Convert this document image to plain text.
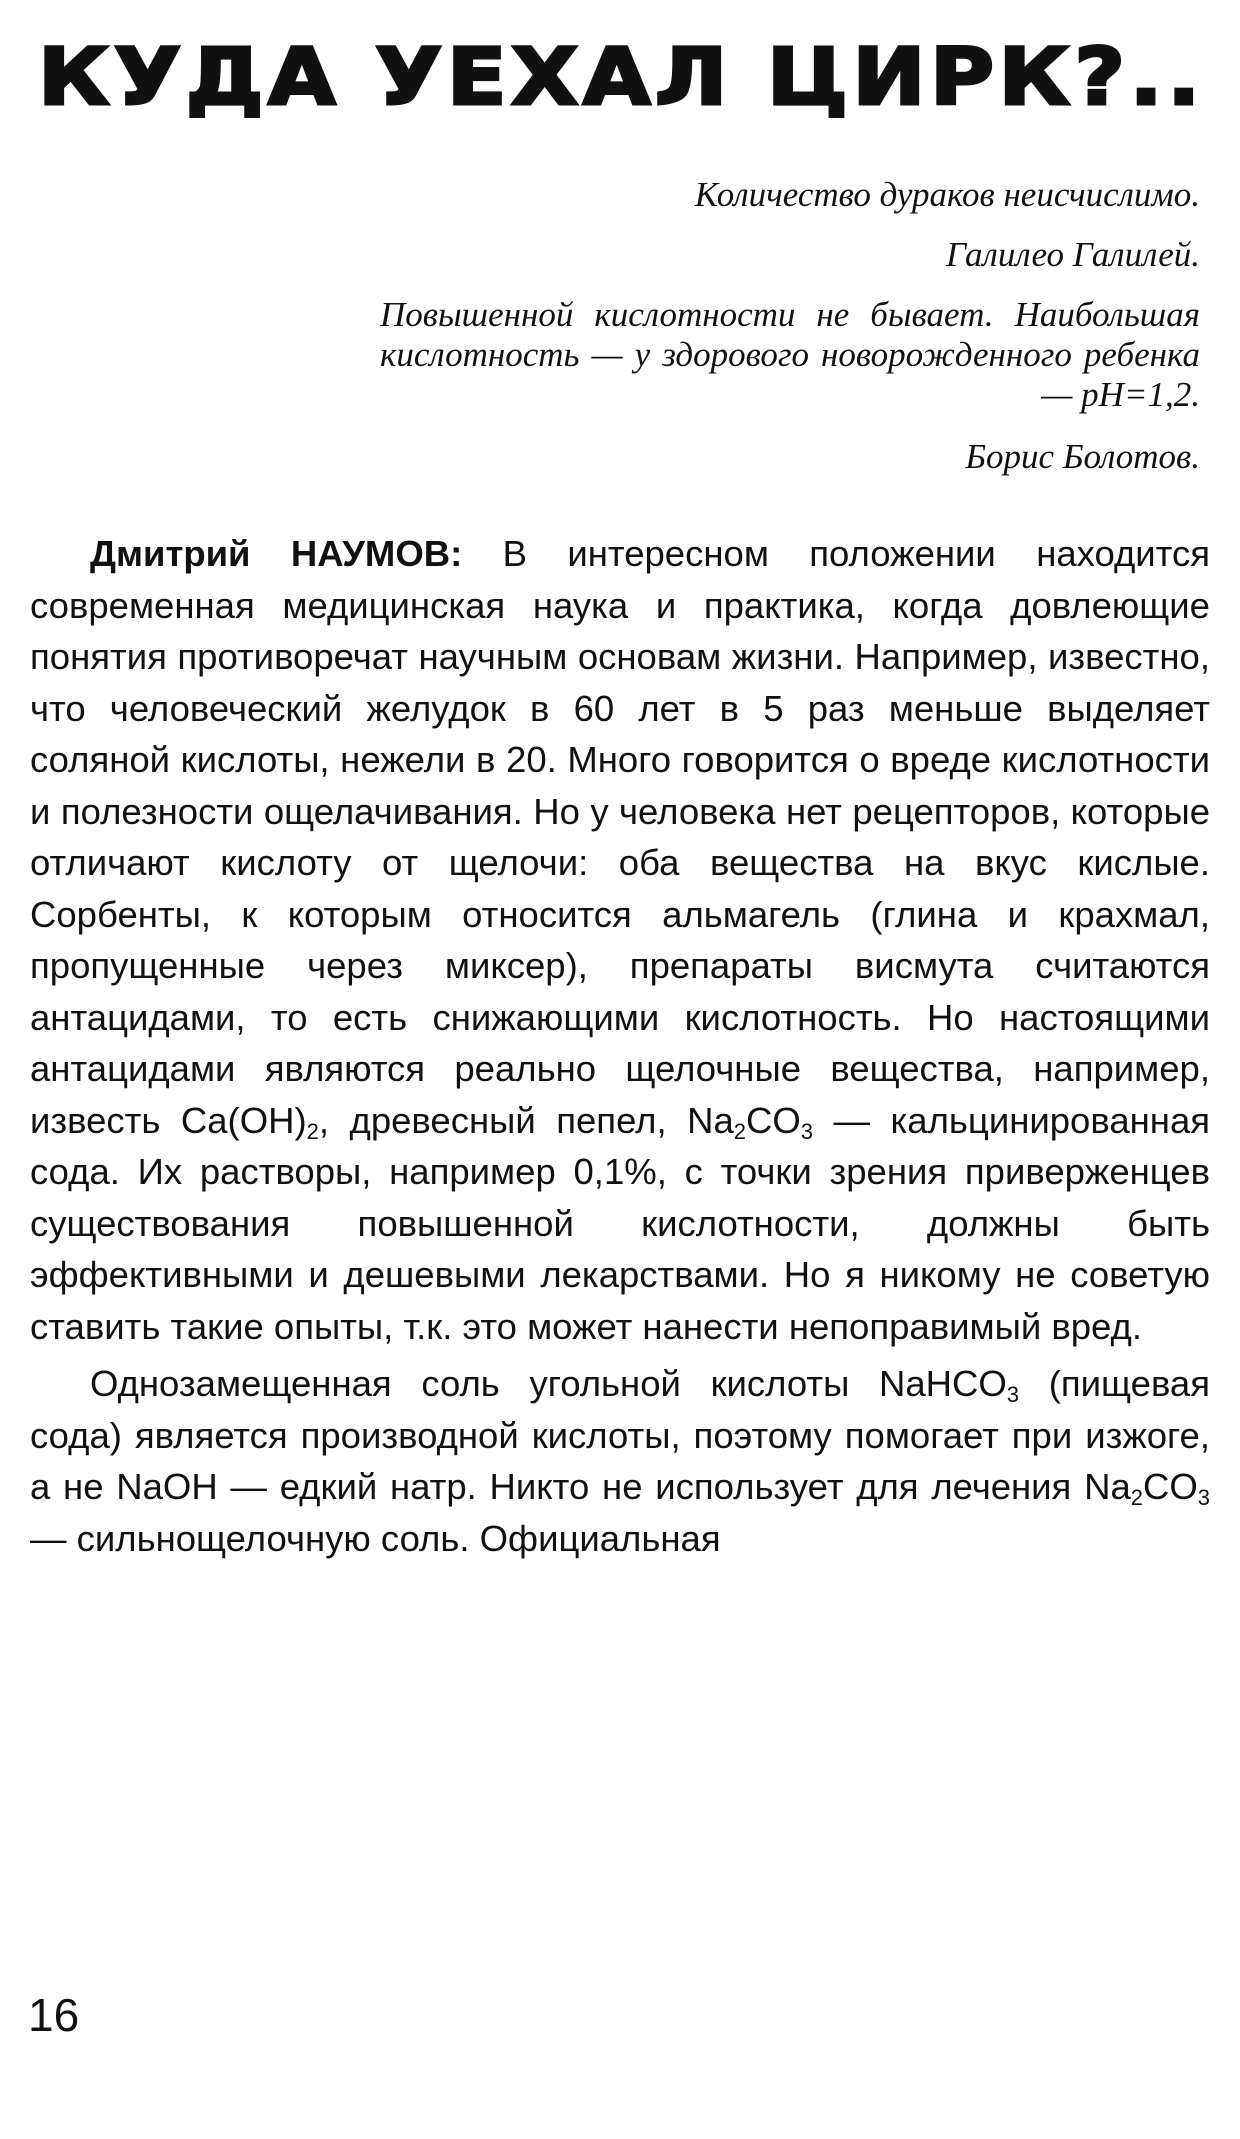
КУДА УЕХАЛ ЦИРК?..

Количество дураков неисчислимо.

Галилео Галилей.

Повышенной кислотности не бывает. Наибольшая кислотность — у здорового новорожденного ребенка — pH=1,2.

Борис Болотов.

Дмитрий НАУМОВ: В интересном положении находится современная медицинская наука и практика, когда довлеющие понятия противоречат научным основам жизни. Например, известно, что человеческий желудок в 60 лет в 5 раз меньше выделяет соляной кислоты, нежели в 20. Много говорится о вреде кислотности и полезности ощелачивания. Но у человека нет рецепторов, которые отличают кислоту от щелочи: оба вещества на вкус кислые. Сорбенты, к которым относится альмагель (глина и крахмал, пропущенные через миксер), препараты висмута считаются антацидами, то есть снижающими кислотность. Но настоящими антацидами являются реально щелочные вещества, например, известь $Ca(OH)_2$, древесный пепел, $Na_2CO_3$ — кальцинированная сода. Их растворы, например 0,1%, с точки зрения приверженцев существования повышенной кислотности, должны быть эффективными и дешевыми лекарствами. Но я никому не советую ставить такие опыты, т.к. это может нанести непоправимый вред.

Однозамещенная соль угольной кислоты NaHCO$_3$ (пищевая сода) является производной кислоты, поэтому помогает при изжоге, а не NaOH — едкий натр. Никто не использует для лечения $Na_2CO_3$ — сильнощелочную соль. Официальная

16
